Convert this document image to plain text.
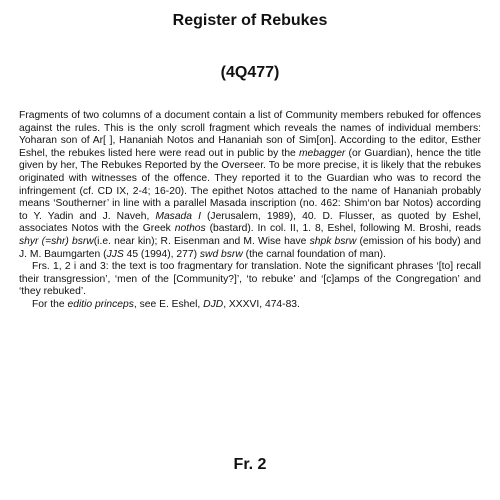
Register of Rebukes
(4Q477)

Fragments of two columns of a document contain a list of Community members rebuked for offences against the rules. This is the only scroll fragment which reveals the names of individual members: Yoharan son of Ar[ ], Hananiah Notos and Hananiah son of Sim[on]. According to the editor, Esther Eshel, the rebukes listed here were read out in public by the mebagger (or Guardian), hence the title given by her, The Rebukes Reported by the Overseer. To be more precise, it is likely that the rebukes originated with witnesses of the offence. They reported it to the Guardian who was to record the infringement (cf. CD IX, 2-4; 16-20). The epithet Notos attached to the name of Hananiah probably means ‘Southerner’ in line with a parallel Masada inscription (no. 462: Shim‘on bar Notos) according to Y. Yadin and J. Naveh, Masada I (Jerusalem, 1989), 40. D. Flusser, as quoted by Eshel, associates Notos with the Greek nothos (bastard). In col. II, 1. 8, Eshel, following M. Broshi, reads shyr (=shr) bsrw(i.e. near kin); R. Eisenman and M. Wise have shpk bsrw (emission of his body) and J. M. Baumgarten (JJS 45 (1994), 277) swd bsrw (the carnal foundation of man).

Frs. 1, 2 i and 3: the text is too fragmentary for translation. Note the significant phrases ‘[to] recall their transgression’, ‘men of the [Community?]’, ‘to rebuke’ and ‘[c]amps of the Congregation’ and ‘they rebuked’.

For the editio princeps, see E. Eshel, DJD, XXXVI, 474-83.

Fr. 2
